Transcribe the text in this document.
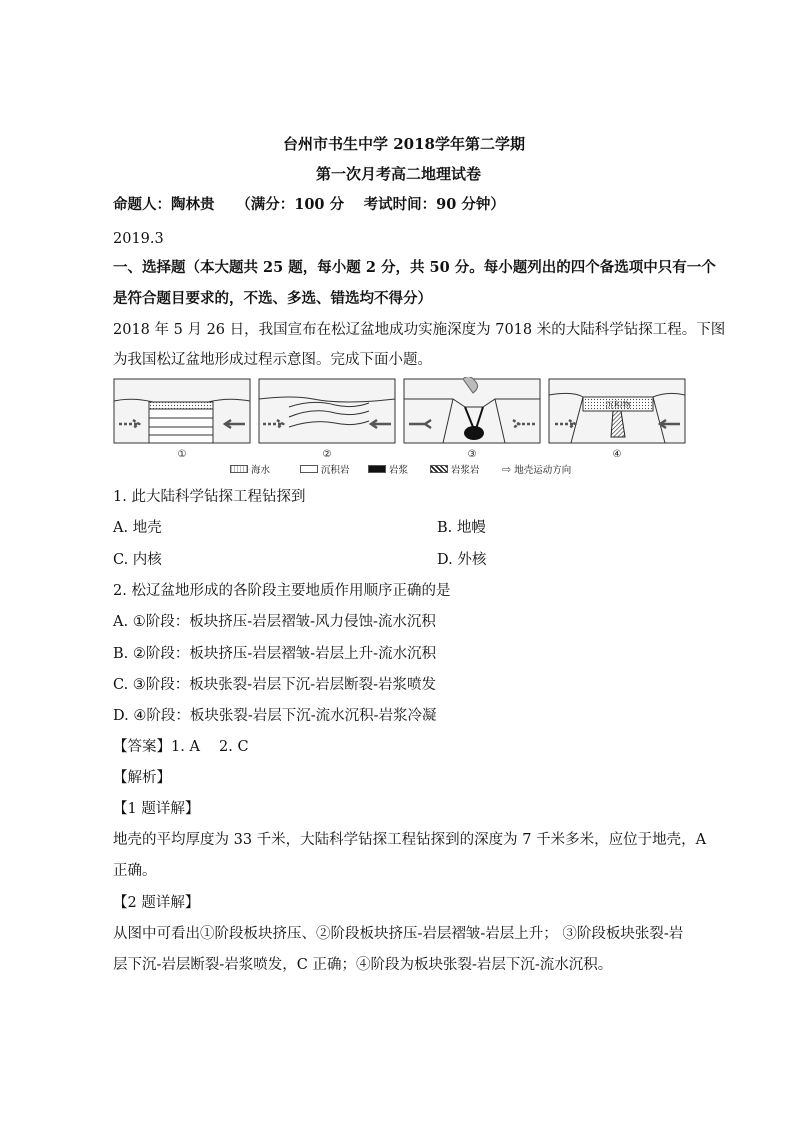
台州市书生中学 2018学年第二学期
第一次月考高二地理试卷
命题人：陶林贵　　（满分：100 分　 考试时间：90 分钟）
2019.3
一、选择题（本大题共 25 题，每小题 2 分，共 50 分。每小题列出的四个备选项中只有一个
是符合题目要求的，不选、多选、错选均不得分）
2018 年 5 月 26 日，我国宣布在松辽盆地成功实施深度为 7018 米的大陆科学钻探工程。下图
为我国松辽盆地形成过程示意图。完成下面小题。
沉积物
①	②	③	④
海水	沉积岩	岩浆	岩浆岩 ⇨ 地壳运动方向
1. 此大陆科学钻探工程钻探到
A. 地壳	B. 地幔
C. 内核	D. 外核
2. 松辽盆地形成的各阶段主要地质作用顺序正确的是
A. ①阶段：板块挤压-岩层褶皱-风力侵蚀-流水沉积
B. ②阶段：板块挤压-岩层褶皱-岩层上升-流水沉积
C. ③阶段：板块张裂-岩层下沉-岩层断裂-岩浆喷发
D. ④阶段：板块张裂-岩层下沉-流水沉积-岩浆冷凝
【答案】1. A　 2. C
【解析】
【1 题详解】
地壳的平均厚度为 33 千米，大陆科学钻探工程钻探到的深度为 7 千米多米，应位于地壳，A
正确。
【2 题详解】
从图中可看出①阶段板块挤压、②阶段板块挤压-岩层褶皱-岩层上升； ③阶段板块张裂-岩
层下沉-岩层断裂-岩浆喷发，C 正确；④阶段为板块张裂-岩层下沉-流水沉积。
